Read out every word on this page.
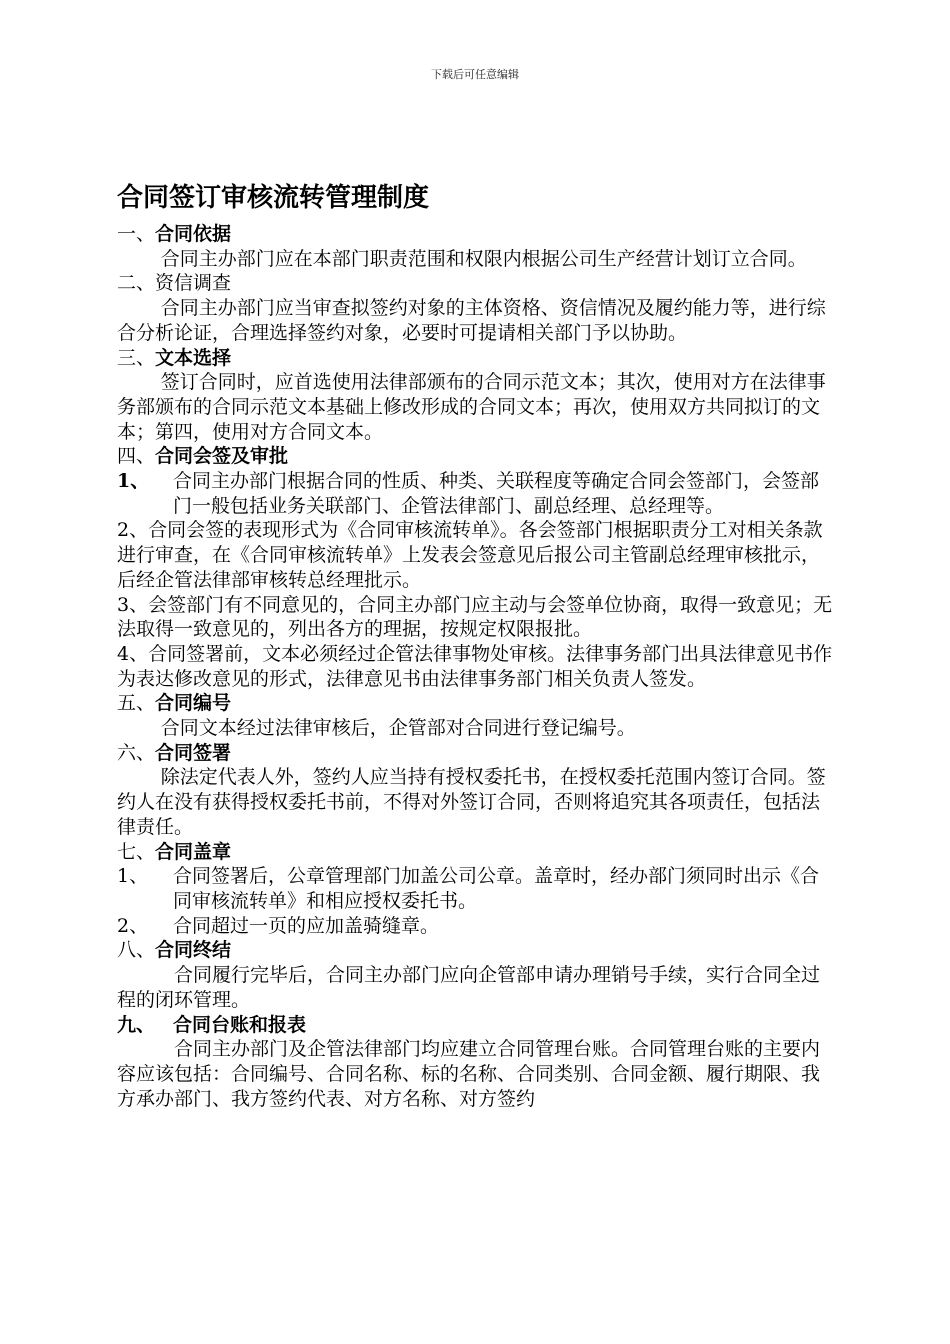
下载后可任意编辑
合同签订审核流转管理制度
一、 合同依据

合同主办部门应在本部门职责范围和权限内根据公司生产经营计划订立合同。

二、 资信调查

合同主办部门应当审查拟签约对象的主体资格、资信情况及履约能力等，进行综合分析论证，合理选择签约对象，必要时可提请相关部门予以协助。

三、 文本选择

签订合同时，应首选使用法律部颁布的合同示范文本；其次，使用对方在法律事务部颁布的合同示范文本基础上修改形成的合同文本；再次，使用双方共同拟订的文本；第四，使用对方合同文本。

四、 合同会签及审批
1、	合同主办部门根据合同的性质、种类、关联程度等确定合同会签部门，会签部门一般包括业务关联部门、企管法律部门、副总经理、总经理等。

2、合同会签的表现形式为《合同审核流转单》。各会签部门根据职责分工对相关条款进行审查，在《合同审核流转单》上发表会签意见后报公司主管副总经理审核批示，后经企管法律部审核转总经理批示。

3、会签部门有不同意见的，合同主办部门应主动与会签单位协商，取得一致意见；无法取得一致意见的，列出各方的理据，按规定权限报批。

4、合同签署前，文本必须经过企管法律事物处审核。法律事务部门出具法律意见书作为表达修改意见的形式，法律意见书由法律事务部门相关负责人签发。

五、 合同编号

合同文本经过法律审核后，企管部对合同进行登记编号。

六、 合同签署

除法定代表人外，签约人应当持有授权委托书，在授权委托范围内签订合同。签约人在没有获得授权委托书前，不得对外签订合同，否则将追究其各项责任，包括法律责任。

七、 合同盖章
1、	合同签署后，公章管理部门加盖公司公章。盖章时，经办部门须同时出示《合同审核流转单》和相应授权委托书。
2、	合同超过一页的应加盖骑缝章。
八、 合同终结

合同履行完毕后，合同主办部门应向企管部申请办理销号手续，实行合同全过程的闭环管理。

九、 合同台账和报表

合同主办部门及企管法律部门均应建立合同管理台账。合同管理台账的主要内容应该包括：合同编号、合同名称、标的名称、合同类别、合同金额、履行期限、我方承办部门、我方签约代表、对方名称、对方签约
